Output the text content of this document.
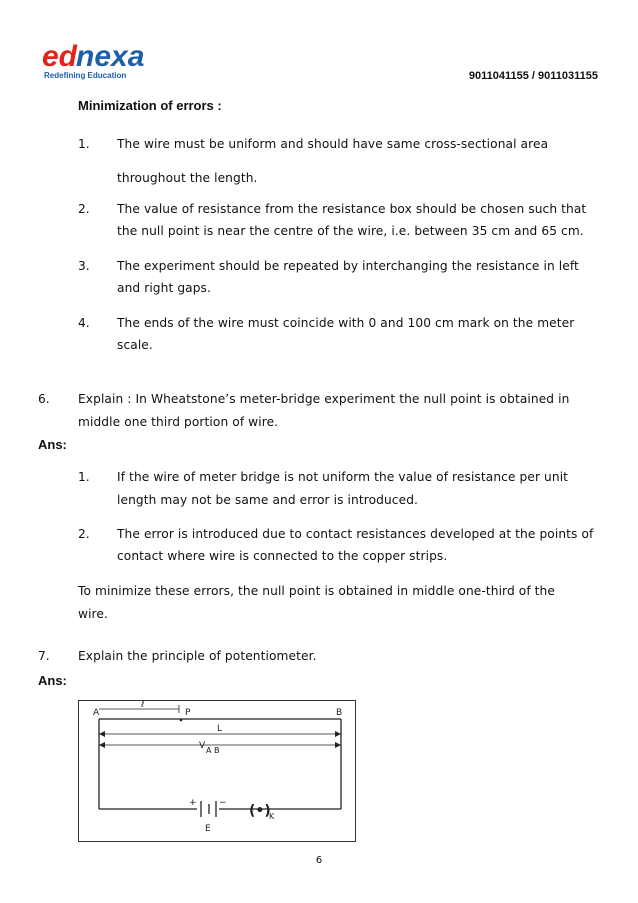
ed
nexa
Redefining Education	9011041155 / 9011031155
Minimization of errors :
1. The wire must be uniform and should have same cross-sectional area
throughout the length.
2. The value of resistance from the resistance box should be chosen such that
the null point is near the centre of the wire, i.e. between 35 cm and 65 cm.
3. The experiment should be repeated by interchanging the resistance in left
and right gaps.
4. The ends of the wire must coincide with 0 and 100 cm mark on the meter
scale.
6. Explain : In Wheatstone’s meter-bridge experiment the null point is obtained in
middle one third portion of wire.
Ans:
1. If the wire of meter bridge is not uniform the value of resistance per unit
length may not be same and error is introduced.
2. The error is introduced due to contact resistances developed at the points of
contact where wire is connected to the copper strips.
To minimize these errors, the null point is obtained in middle one-third of the
wire.
7. Explain the principle of potentiometer.
Ans:
+ −
E
(•)
K
A	B
ℓ
P
L
V A B
6
